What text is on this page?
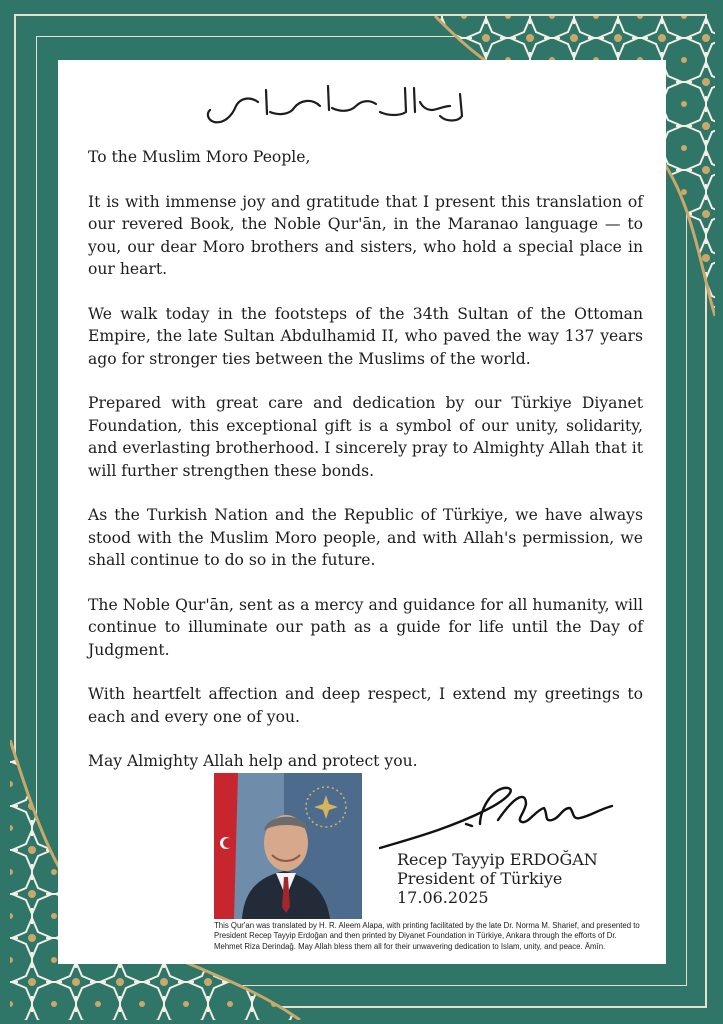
بسم الله الرحمن الرحيم

To the Muslim Moro People,

It is with immense joy and gratitude that I present this translation of our revered Book, the Noble Qur'ān, in the Maranao language — to you, our dear Moro brothers and sisters, who hold a special place in our heart.

We walk today in the footsteps of the 34th Sultan of the Ottoman Empire, the late Sultan Abdulhamid II, who paved the way 137 years ago for stronger ties between the Muslims of the world.

Prepared with great care and dedication by our Türkiye Diyanet Foundation, this exceptional gift is a symbol of our unity, solidarity, and everlasting brotherhood. I sincerely pray to Almighty Allah that it will further strengthen these bonds.

As the Turkish Nation and the Republic of Türkiye, we have always stood with the Muslim Moro people, and with Allah's permission, we shall continue to do so in the future.

The Noble Qur'ān, sent as a mercy and guidance for all humanity, will continue to illuminate our path as a guide for life until the Day of Judgment.

With heartfelt affection and deep respect, I extend my greetings to each and every one of you.

May Almighty Allah help and protect you.

Recep Tayyip ERDOĞAN
President of Türkiye
17.06.2025
This Qur'an was translated by H. R. Aleem Alapa, with printing facilitated by the late Dr. Norma M. Sharief, and presented to President Recep Tayyip Erdoğan and then printed by Diyanet Foundation in Türkiye, Ankara through the efforts of Dr. Mehmet Riza Derindağ. May Allah bless them all for their unwavering dedication to Islam, unity, and peace. Āmīn.
